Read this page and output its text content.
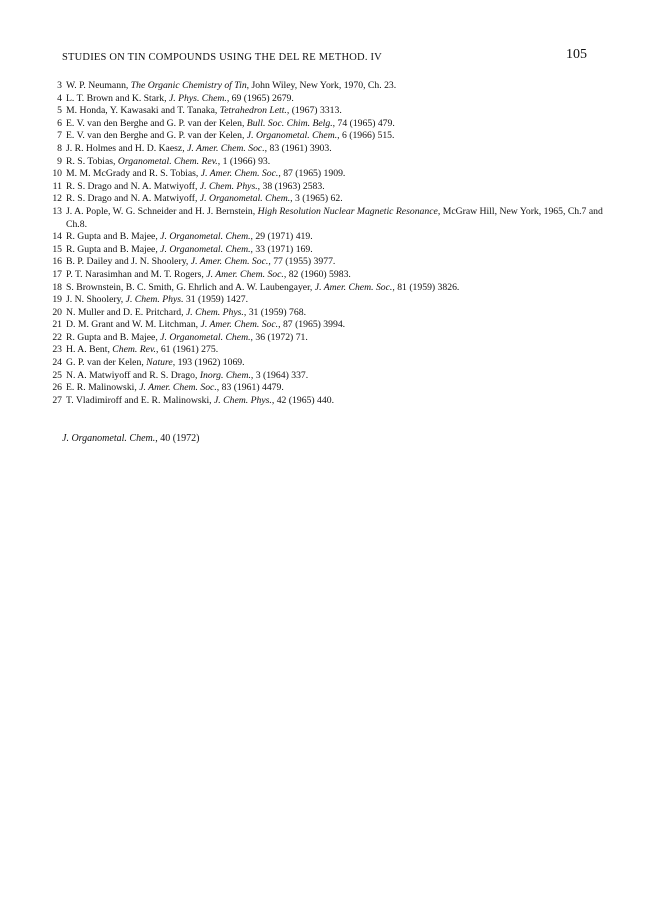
STUDIES ON TIN COMPOUNDS USING THE DEL RE METHOD. IV	105
3 W. P. Neumann, The Organic Chemistry of Tin, John Wiley, New York, 1970, Ch. 23.
4 L. T. Brown and K. Stark, J. Phys. Chem., 69 (1965) 2679.
5 M. Honda, Y. Kawasaki and T. Tanaka, Tetrahedron Lett., (1967) 3313.
6 E. V. van den Berghe and G. P. van der Kelen, Bull. Soc. Chim. Belg., 74 (1965) 479.
7 E. V. van den Berghe and G. P. van der Kelen, J. Organometal. Chem., 6 (1966) 515.
8 J. R. Holmes and H. D. Kaesz, J. Amer. Chem. Soc., 83 (1961) 3903.
9 R. S. Tobias, Organometal. Chem. Rev., 1 (1966) 93.
10 M. M. McGrady and R. S. Tobias, J. Amer. Chem. Soc., 87 (1965) 1909.
11 R. S. Drago and N. A. Matwiyoff, J. Chem. Phys., 38 (1963) 2583.
12 R. S. Drago and N. A. Matwiyoff, J. Organometal. Chem., 3 (1965) 62.
13 J. A. Pople, W. G. Schneider and H. J. Bernstein, High Resolution Nuclear Magnetic Resonance, McGraw Hill, New York, 1965, Ch.7 and Ch.8.
14 R. Gupta and B. Majee, J. Organometal. Chem., 29 (1971) 419.
15 R. Gupta and B. Majee, J. Organometal. Chem., 33 (1971) 169.
16 B. P. Dailey and J. N. Shoolery, J. Amer. Chem. Soc., 77 (1955) 3977.
17 P. T. Narasimhan and M. T. Rogers, J. Amer. Chem. Soc., 82 (1960) 5983.
18 S. Brownstein, B. C. Smith, G. Ehrlich and A. W. Laubengayer, J. Amer. Chem. Soc., 81 (1959) 3826.
19 J. N. Shoolery, J. Chem. Phys. 31 (1959) 1427.
20 N. Muller and D. E. Pritchard, J. Chem. Phys., 31 (1959) 768.
21 D. M. Grant and W. M. Litchman, J. Amer. Chem. Soc., 87 (1965) 3994.
22 R. Gupta and B. Majee, J. Organometal. Chem., 36 (1972) 71.
23 H. A. Bent, Chem. Rev., 61 (1961) 275.
24 G. P. van der Kelen, Nature, 193 (1962) 1069.
25 N. A. Matwiyoff and R. S. Drago, Inorg. Chem., 3 (1964) 337.
26 E. R. Malinowski, J. Amer. Chem. Soc., 83 (1961) 4479.
27 T. Vladimiroff and E. R. Malinowski, J. Chem. Phys., 42 (1965) 440.
J. Organometal. Chem., 40 (1972)
